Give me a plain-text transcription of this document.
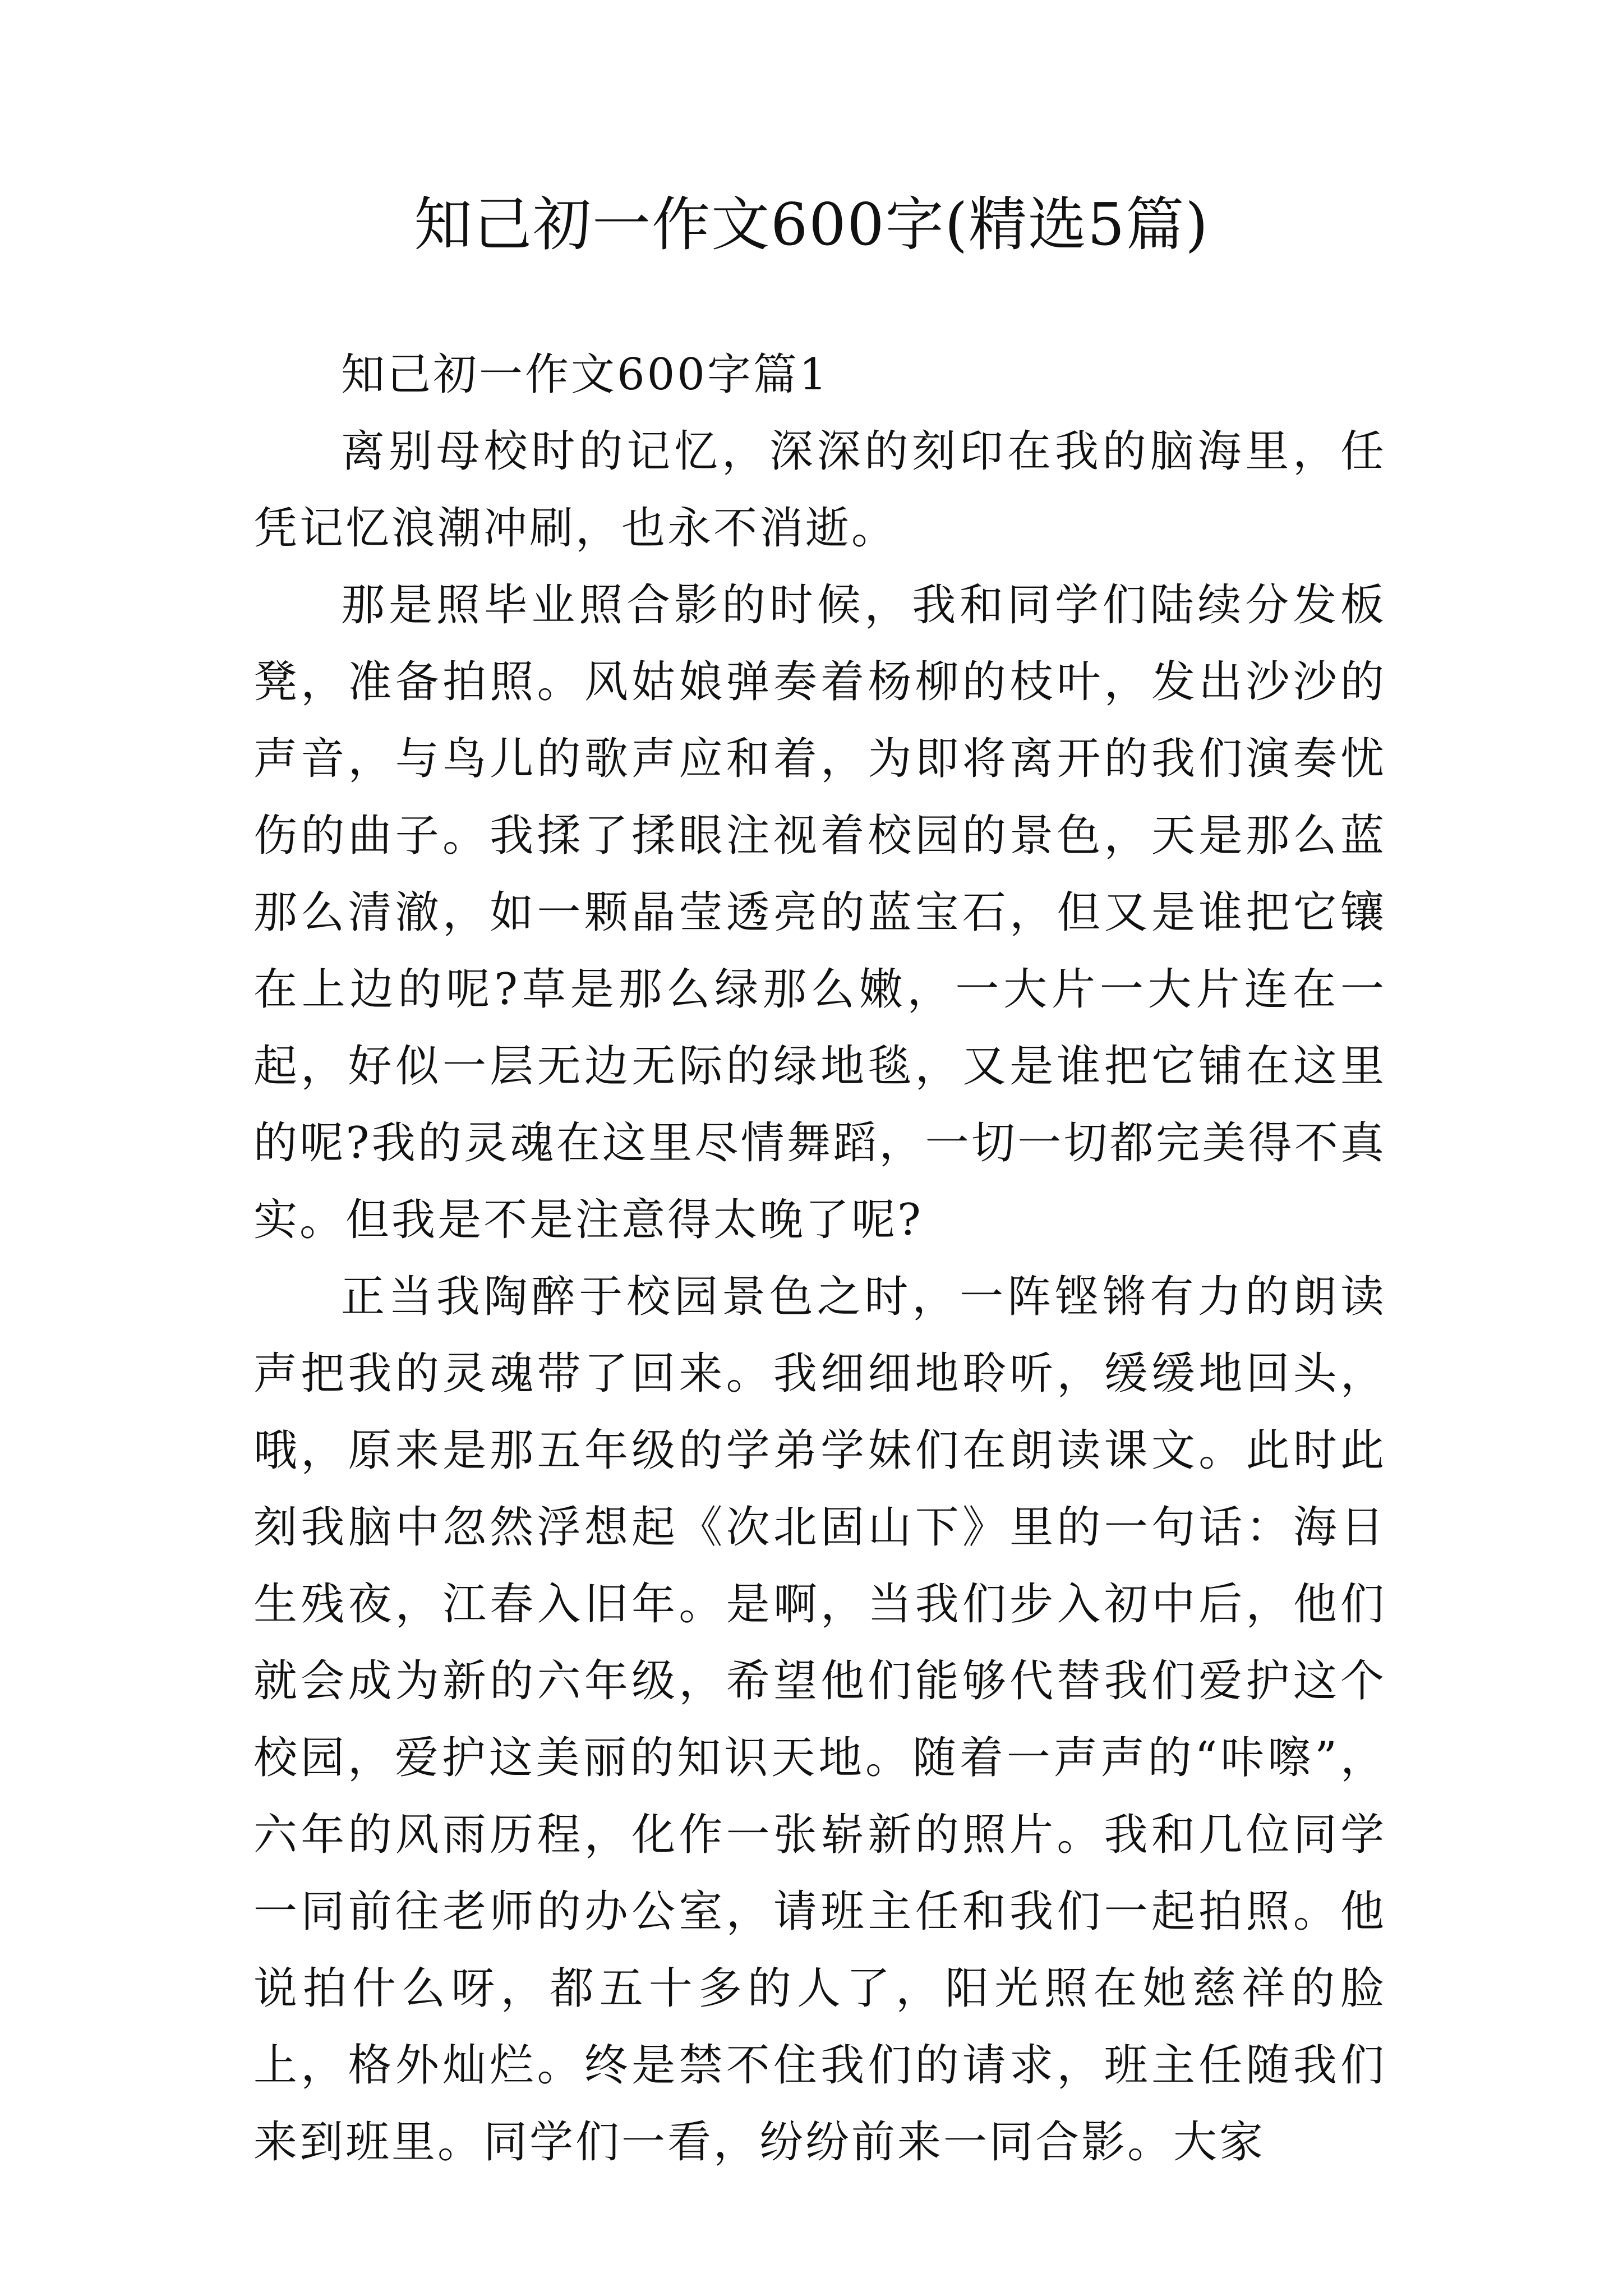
知己初一作文600字(精选5篇)

知己初一作文600字篇1

离别母校时的记忆，深深的刻印在我的脑海里，任凭记忆浪潮冲刷，也永不消逝。

那是照毕业照合影的时候，我和同学们陆续分发板凳，准备拍照。风姑娘弹奏着杨柳的枝叶，发出沙沙的声音，与鸟儿的歌声应和着，为即将离开的我们演奏忧伤的曲子。我揉了揉眼注视着校园的景色，天是那么蓝那么清澈，如一颗晶莹透亮的蓝宝石，但又是谁把它镶在上边的呢?草是那么绿那么嫩，一大片一大片连在一起，好似一层无边无际的绿地毯，又是谁把它铺在这里的呢?我的灵魂在这里尽情舞蹈，一切一切都完美得不真实。但我是不是注意得太晚了呢?

正当我陶醉于校园景色之时，一阵铿锵有力的朗读声把我的灵魂带了回来。我细细地聆听，缓缓地回头，哦，原来是那五年级的学弟学妹们在朗读课文。此时此刻我脑中忽然浮想起《次北固山下》里的一句话：海日生残夜，江春入旧年。是啊，当我们步入初中后，他们就会成为新的六年级，希望他们能够代替我们爱护这个校园，爱护这美丽的知识天地。随着一声声的“咔嚓”，六年的风雨历程，化作一张崭新的照片。我和几位同学一同前往老师的办公室，请班主任和我们一起拍照。他说拍什么呀，都五十多的人了，阳光照在她慈祥的脸上，格外灿烂。终是禁不住我们的请求，班主任随我们来到班里。同学们一看，纷纷前来一同合影。大家
